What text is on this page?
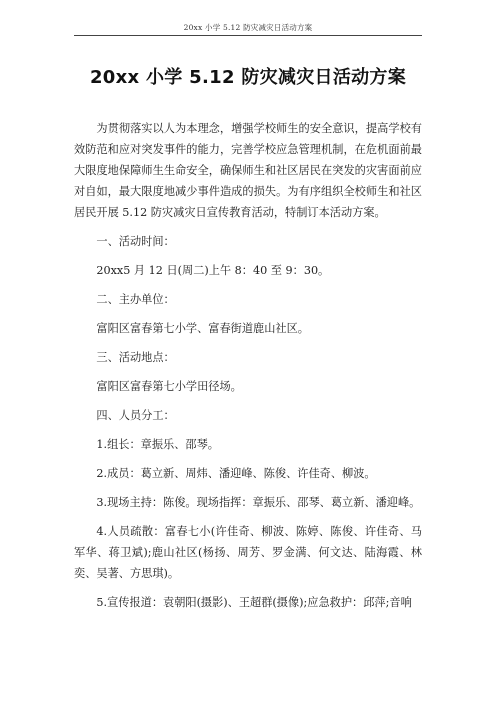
20xx 小学 5.12 防灾减灾日活动方案
20xx 小学 5.12 防灾减灾日活动方案

为贯彻落实以人为本理念，增强学校师生的安全意识，提高学校有效防范和应对突发事件的能力，完善学校应急管理机制，在危机面前最大限度地保障师生生命安全，确保师生和社区居民在突发的灾害面前应对自如，最大限度地减少事件造成的损失。为有序组织全校师生和社区居民开展 5.12 防灾减灾日宣传教育活动，特制订本活动方案。

一、活动时间：

20xx5 月 12 日(周二)上午 8：40 至 9：30。

二、主办单位：

富阳区富春第七小学、富春街道鹿山社区。

三、活动地点：

富阳区富春第七小学田径场。

四、人员分工：

1.组长：章振乐、邵琴。

2.成员：葛立新、周炜、潘迎峰、陈俊、许佳奇、柳波。

3.现场主持：陈俊。现场指挥：章振乐、邵琴、葛立新、潘迎峰。

4.人员疏散：富春七小(许佳奇、柳波、陈婷、陈俊、许佳奇、马军华、蒋卫斌);鹿山社区(杨扬、周芳、罗金满、何文达、陆海霞、林奕、吴著、方思琪)。

5.宣传报道：袁朝阳(摄影)、王超群(摄像);应急救护：邱萍;音响
